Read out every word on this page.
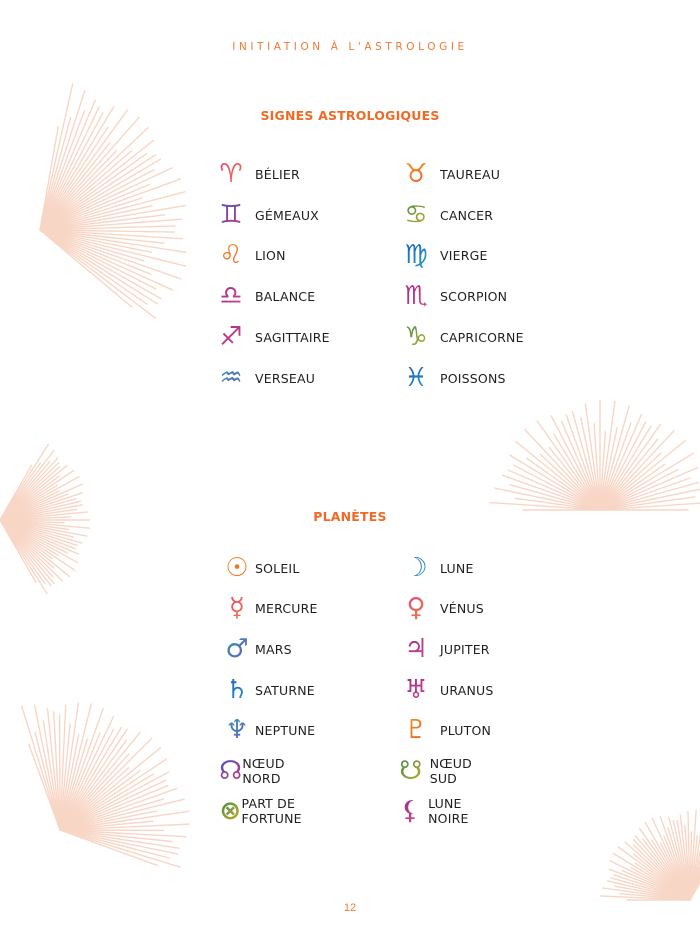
INITIATION À L'ASTROLOGIE
SIGNES ASTROLOGIQUES
♈ BÉLIER	♉ TAUREAU
♊ GÉMEAUX	♋ CANCER
♌ LION	♍ VIERGE
♎ BALANCE	♏ SCORPION
♐ SAGITTAIRE	♑ CAPRICORNE
♒ VERSEAU	♓ POISSONS
PLANÈTES
☉ SOLEIL	☽ LUNE
☿ MERCURE	♀	VÉNUS
♂ MARS	♃ JUPITER
♄ SATURNE	♅ URANUS
♆ NEPTUNE	♇ PLUTON
☊ NŒUD NORD	☋ NŒUD SUD
⊗ PART DE FORTUNE	⚸ LUNE NOIRE
12
